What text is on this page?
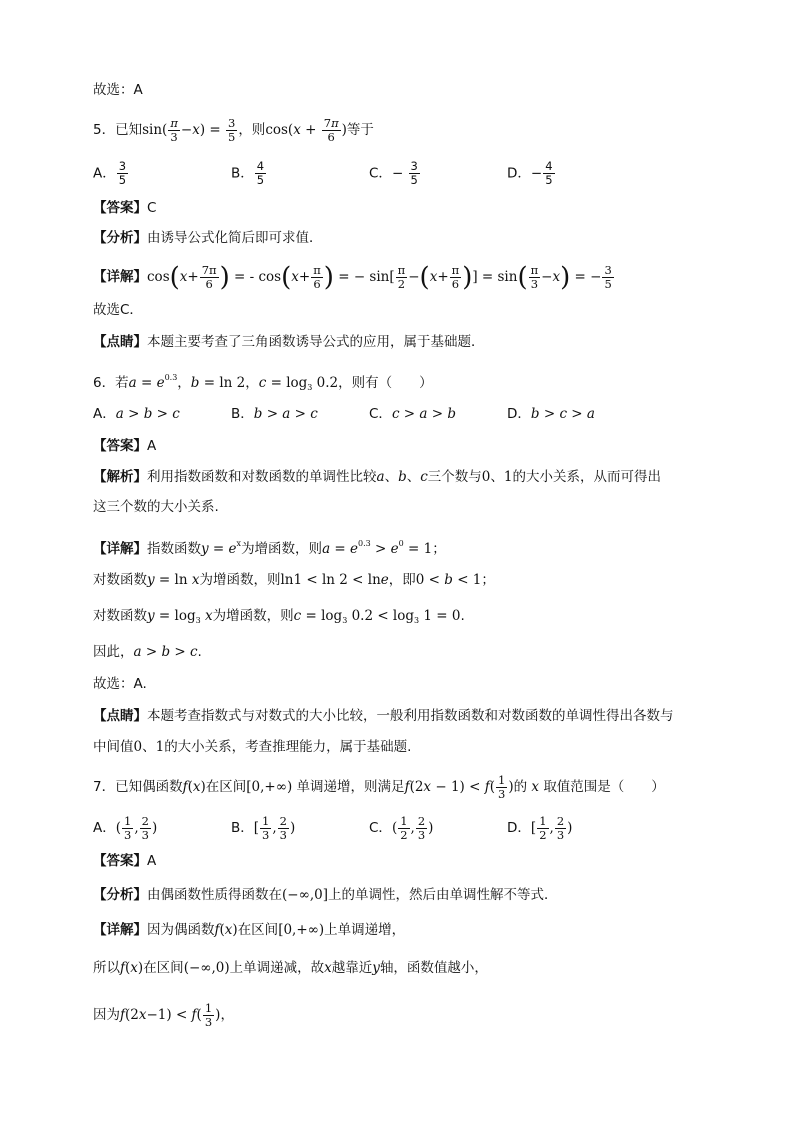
故选：A
5．已知$\sin( \frac{\pi}{3} -x) = \frac{3}{5}$ ，则$\cos(x + \frac{7\pi}{6}$ )等于
A． $\frac{3}{5}$	B． $\frac{4}{5}$	C．− $\frac{3}{5}$	D．− $\frac{4}{5}$
【答案】C
【分析】由诱导公式化简后即可求值．
【详解】$\cos(x+ \frac{7\pi}{6}$ ) = - $\cos(x+ \frac{\pi}{6}$ ) = − $\sin[ \frac{\pi}{2} -(x+ \frac{\pi}{6}$ )] = $\sin( \frac{\pi}{3} -x)$ = − $\frac{3}{5}$
故选C．
【点睛】本题主要考查了三角函数诱导公式的应用，属于基础题．
6．若$a = e^{0.3}$，b = ln 2，$c = \log_3 0.2$，则有（　　）
A．a > b > c	B．b > a > c	C．c > a > b	D．b > c > a
【答案】A
【解析】利用指数函数和对数函数的单调性比较a、b、c三个数与0、1的大小关系，从而可得出
这三个数的大小关系.
【详解】指数函数$y = e^x$为增函数，则$a = e^{0.3} > e^0 = 1$；
对数函数y = ln x为增函数，则ln1 < ln 2 < lne，即0 < b < 1；
对数函数$y = \log_3 x$为增函数，则$c = \log_3 0.2 < \log_3 1 = 0$.
因此，a > b > c.
故选：A.
【点睛】本题考查指数式与对数式的大小比较，一般利用指数函数和对数函数的单调性得出各数与
中间值0、1的大小关系，考查推理能力，属于基础题.
7．已知偶函数f(x)在区间[0,+∞) 单调递增，则满足$f(2x - 1) < f( \frac{1}{3}$ )的 x 取值范围是（　　）
A．( $\frac{1}{3}$ , $\frac{2}{3}$ )	B．[ $\frac{1}{3}$ , $\frac{2}{3}$ )	C．( $\frac{1}{2}$ , $\frac{2}{3}$ )	D．[ $\frac{1}{2}$ , $\frac{2}{3}$ )
【答案】A
【分析】由偶函数性质得函数在(−∞,0]上的单调性，然后由单调性解不等式．
【详解】因为偶函数f(x)在区间[0,+∞)上单调递增，
所以f(x)在区间(−∞,0)上单调递减，故x越靠近y轴，函数值越小，
因为$f(2x-1) < f( \frac{1}{3}$ )，
